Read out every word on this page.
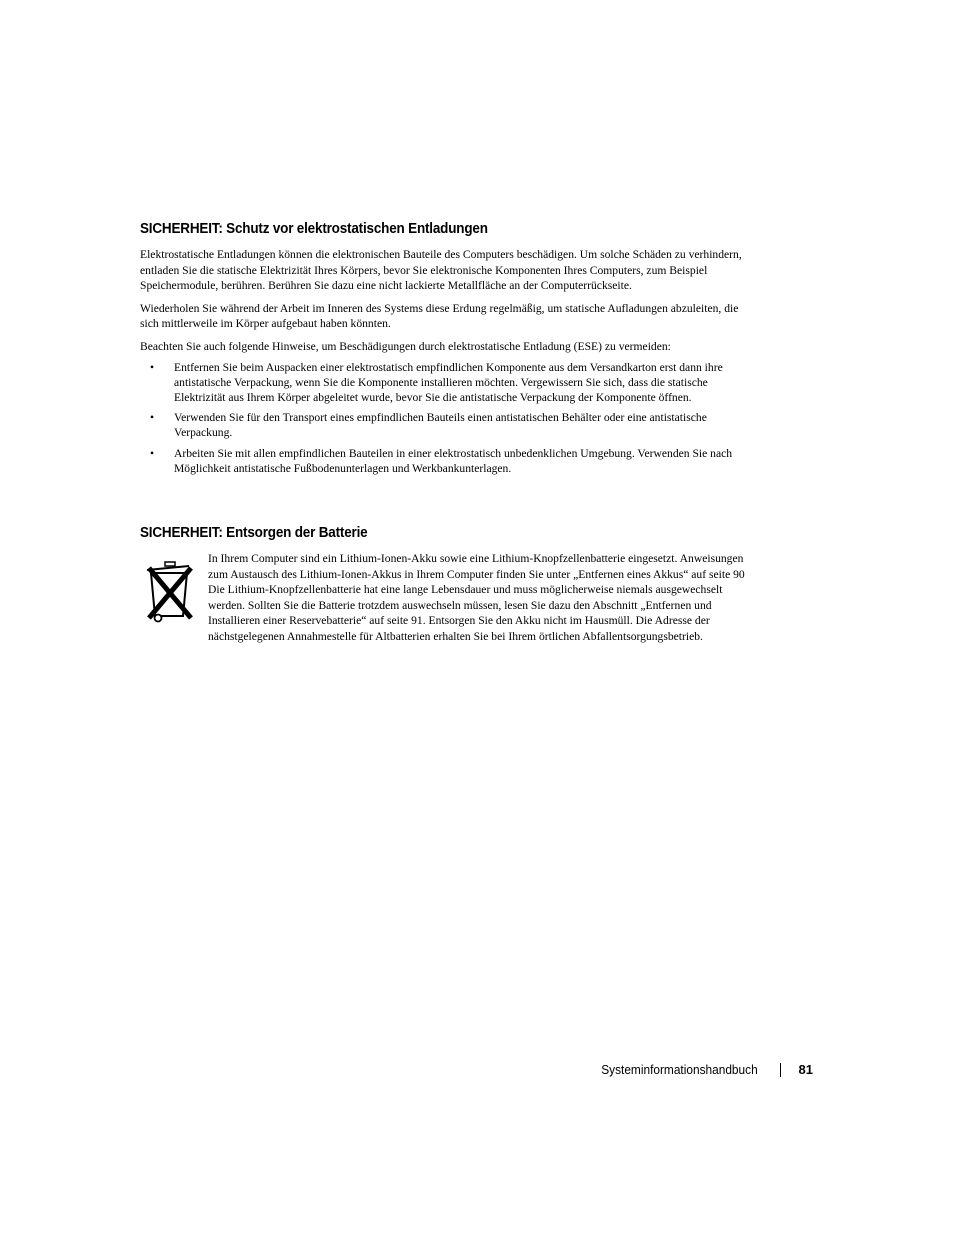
SICHERHEIT: Schutz vor elektrostatischen Entladungen

Elektrostatische Entladungen können die elektronischen Bauteile des Computers beschädigen. Um solche Schäden zu verhindern, entladen Sie die statische Elektrizität Ihres Körpers, bevor Sie elektronische Komponenten Ihres Computers, zum Beispiel Speichermodule, berühren. Berühren Sie dazu eine nicht lackierte Metallfläche an der Computerrückseite.

Wiederholen Sie während der Arbeit im Inneren des Systems diese Erdung regelmäßig, um statische Aufladungen abzuleiten, die sich mittlerweile im Körper aufgebaut haben könnten.

Beachten Sie auch folgende Hinweise, um Beschädigungen durch elektrostatische Entladung (ESE) zu vermeiden:

• Entfernen Sie beim Auspacken einer elektrostatisch empfindlichen Komponente aus dem Versandkarton erst dann ihre antistatische Verpackung, wenn Sie die Komponente installieren möchten. Vergewissern Sie sich, dass die statische Elektrizität aus Ihrem Körper abgeleitet wurde, bevor Sie die antistatische Verpackung der Komponente öffnen.
• Verwenden Sie für den Transport eines empfindlichen Bauteils einen antistatischen Behälter oder eine antistatische Verpackung.
• Arbeiten Sie mit allen empfindlichen Bauteilen in einer elektrostatisch unbedenklichen Umgebung. Verwenden Sie nach Möglichkeit antistatische Fußbodenunterlagen und Werkbankunterlagen.
SICHERHEIT: Entsorgen der Batterie

In Ihrem Computer sind ein Lithium-Ionen-Akku sowie eine Lithium-Knopfzellenbatterie eingesetzt. Anweisungen zum Austausch des Lithium-Ionen-Akkus in Ihrem Computer finden Sie unter „Entfernen eines Akkus“ auf seite 90 Die Lithium-Knopfzellenbatterie hat eine lange Lebensdauer und muss möglicherweise niemals ausgewechselt werden. Sollten Sie die Batterie trotzdem auswechseln müssen, lesen Sie dazu den Abschnitt „Entfernen und Installieren einer Reservebatterie“ auf seite 91. Entsorgen Sie den Akku nicht im Hausmüll. Die Adresse der nächstgelegenen Annahmestelle für Altbatterien erhalten Sie bei Ihrem örtlichen Abfallentsorgungsbetrieb.

Systeminformationshandbuch	81
